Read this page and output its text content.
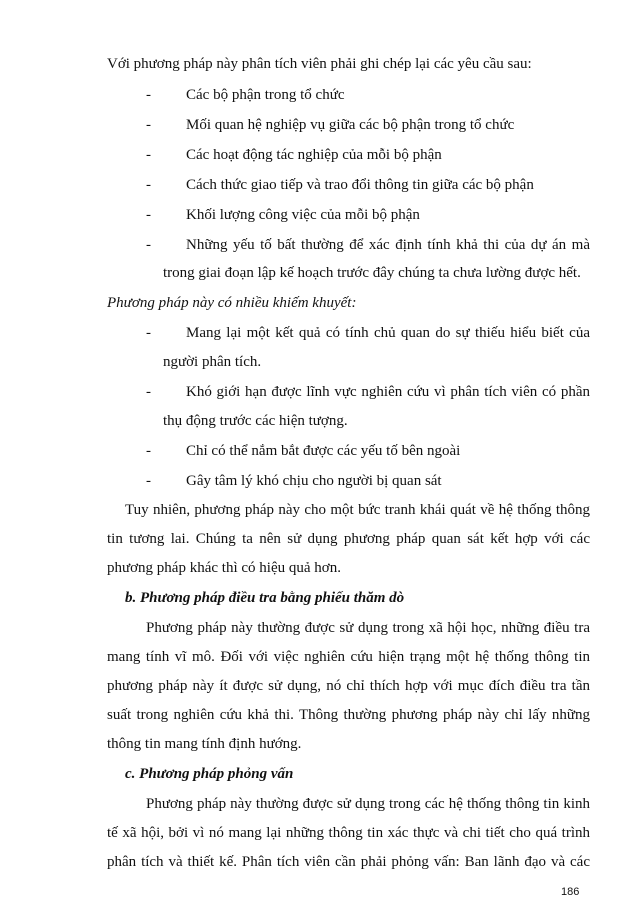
Với phương pháp này phân tích viên phải ghi chép lại các yêu cầu sau:
- Các bộ phận trong tổ chức
- Mối quan hệ nghiệp vụ giữa các bộ phận trong tổ chức
- Các hoạt động tác nghiệp của mỗi bộ phận
- Cách thức giao tiếp và trao đổi thông tin giữa các bộ phận
- Khối lượng công việc của mỗi bộ phận
- Những yếu tố bất thường để xác định tính khả thi của dự án mà
trong giai đoạn lập kế hoạch trước đây chúng ta chưa lường được hết.
Phương pháp này có nhiều khiếm khuyết:
- Mang lại một kết quả có tính chủ quan do sự thiếu hiểu biết của
người phân tích.
- Khó giới hạn được lĩnh vực nghiên cứu vì phân tích viên có phần
thụ động trước các hiện tượng.
- Chỉ có thể nắm bắt được các yếu tố bên ngoài
- Gây tâm lý khó chịu cho người bị quan sát
Tuy nhiên, phương pháp này cho một bức tranh khái quát về hệ thống thông
tin tương lai. Chúng ta nên sử dụng phương pháp quan sát kết hợp với các
phương pháp khác thì có hiệu quả hơn.
b. Phương pháp điều tra bằng phiếu thăm dò
Phương pháp này thường được sử dụng trong xã hội học, những điều tra
mang tính vĩ mô. Đối với việc nghiên cứu hiện trạng một hệ thống thông tin
phương pháp này ít được sử dụng, nó chỉ thích hợp với mục đích điều tra tần
suất trong nghiên cứu khả thi. Thông thường phương pháp này chỉ lấy những
thông tin mang tính định hướng.
c. Phương pháp phỏng vấn
Phương pháp này thường được sử dụng trong các hệ thống thông tin kinh
tế xã hội, bởi vì nó mang lại những thông tin xác thực và chi tiết cho quá trình
phân tích và thiết kế. Phân tích viên cần phải phỏng vấn: Ban lãnh đạo và các
186
